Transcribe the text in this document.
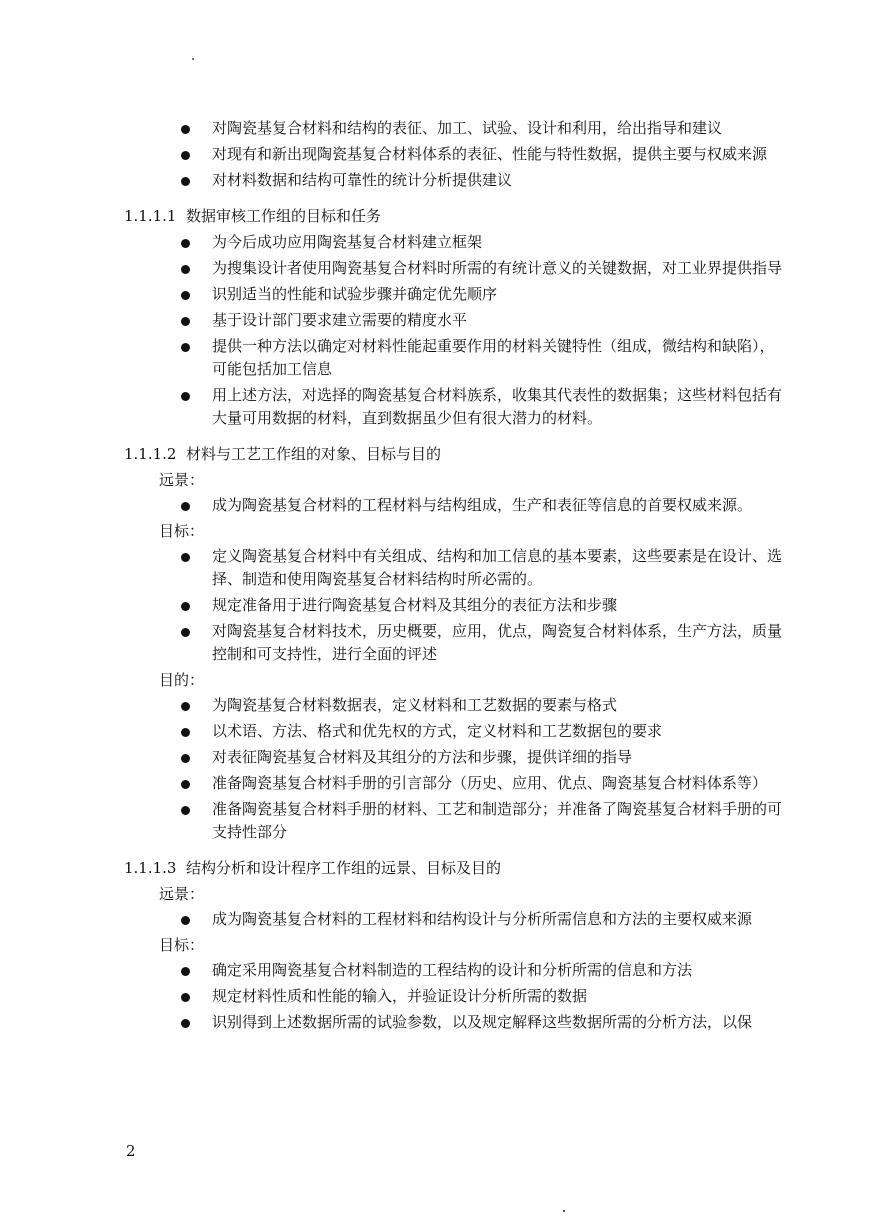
对陶瓷基复合材料和结构的表征、加工、试验、设计和利用，给出指导和建议
对现有和新出现陶瓷基复合材料体系的表征、性能与特性数据，提供主要与权威来源
对材料数据和结构可靠性的统计分析提供建议
1.1.1.1 数据审核工作组的目标和任务
为今后成功应用陶瓷基复合材料建立框架
为搜集设计者使用陶瓷基复合材料时所需的有统计意义的关键数据，对工业界提供指导
识别适当的性能和试验步骤并确定优先顺序
基于设计部门要求建立需要的精度水平
提供一种方法以确定对材料性能起重要作用的材料关键特性（组成，微结构和缺陷），可能包括加工信息
用上述方法，对选择的陶瓷基复合材料族系，收集其代表性的数据集；这些材料包括有大量可用数据的材料，直到数据虽少但有很大潜力的材料。
1.1.1.2 材料与工艺工作组的对象、目标与目的
远景：
成为陶瓷基复合材料的工程材料与结构组成，生产和表征等信息的首要权威来源。
目标：
定义陶瓷基复合材料中有关组成、结构和加工信息的基本要素，这些要素是在设计、选择、制造和使用陶瓷基复合材料结构时所必需的。
规定准备用于进行陶瓷基复合材料及其组分的表征方法和步骤
对陶瓷基复合材料技术，历史概要，应用，优点，陶瓷复合材料体系，生产方法，质量控制和可支持性，进行全面的评述
目的：
为陶瓷基复合材料数据表，定义材料和工艺数据的要素与格式
以术语、方法、格式和优先权的方式，定义材料和工艺数据包的要求
对表征陶瓷基复合材料及其组分的方法和步骤，提供详细的指导
准备陶瓷基复合材料手册的引言部分（历史、应用、优点、陶瓷基复合材料体系等）
准备陶瓷基复合材料手册的材料、工艺和制造部分；并准备了陶瓷基复合材料手册的可支持性部分
1.1.1.3 结构分析和设计程序工作组的远景、目标及目的
远景：
成为陶瓷基复合材料的工程材料和结构设计与分析所需信息和方法的主要权威来源
目标：
确定采用陶瓷基复合材料制造的工程结构的设计和分析所需的信息和方法
规定材料性质和性能的输入，并验证设计分析所需的数据
识别得到上述数据所需的试验参数，以及规定解释这些数据所需的分析方法，以保
2
